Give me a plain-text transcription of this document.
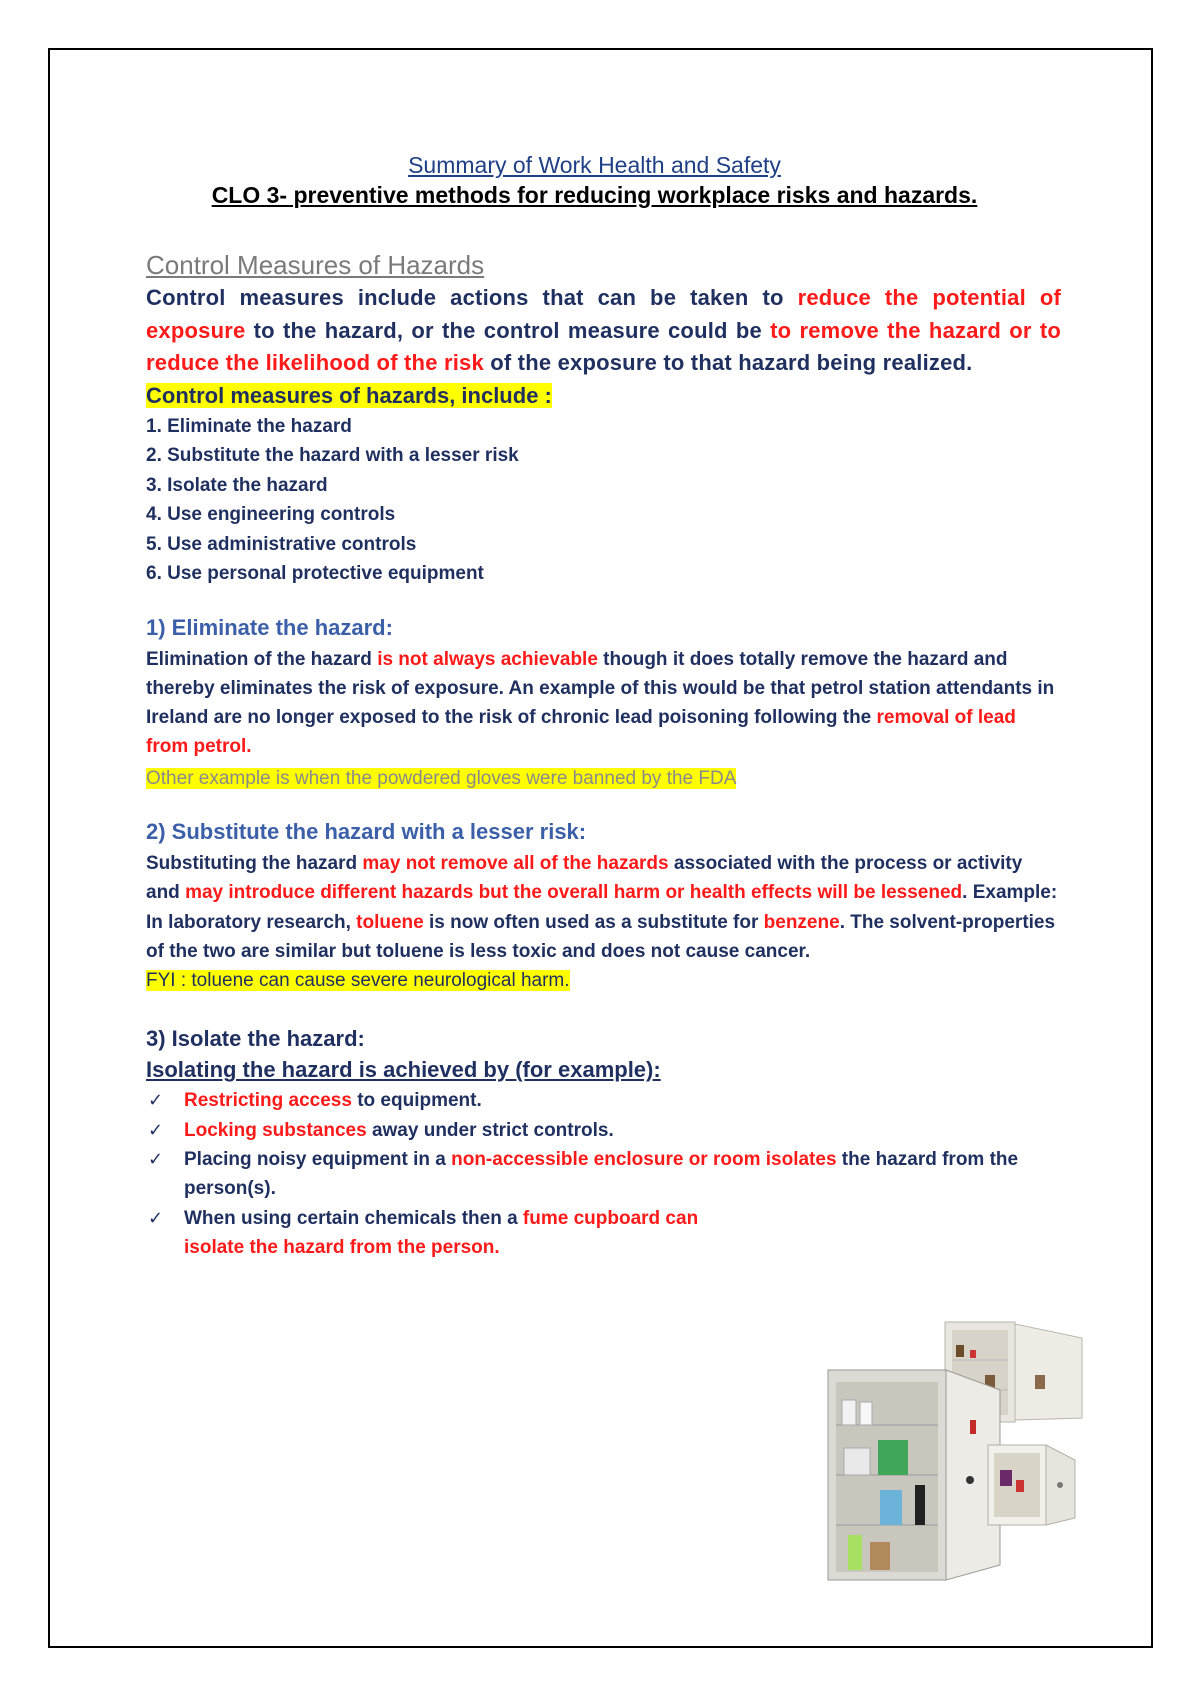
Summary of Work Health and Safety
CLO 3- preventive methods for reducing workplace risks and hazards.
Control Measures of Hazards
Control measures include actions that can be taken to reduce the potential of exposure to the hazard, or the control measure could be to remove the hazard or to reduce the likelihood of the risk of the exposure to that hazard being realized.
Control measures of hazards, include :
1. Eliminate the hazard
2. Substitute the hazard with a lesser risk
3. Isolate the hazard
4. Use engineering controls
5. Use administrative controls
6. Use personal protective equipment
1) Eliminate the hazard:
Elimination of the hazard is not always achievable though it does totally remove the hazard and thereby eliminates the risk of exposure. An example of this would be that petrol station attendants in Ireland are no longer exposed to the risk of chronic lead poisoning following the removal of lead from petrol.
Other example is when the powdered gloves were banned by the FDA
2) Substitute the hazard with a lesser risk:
Substituting the hazard may not remove all of the hazards associated with the process or activity and may introduce different hazards but the overall harm or health effects will be lessened. Example:
In laboratory research, toluene is now often used as a substitute for benzene. The solvent-properties of the two are similar but toluene is less toxic and does not cause cancer.
FYI : toluene can cause severe neurological harm.
3) Isolate the hazard:
Isolating the hazard is achieved by (for example):
✓ Restricting access to equipment.
✓ Locking substances away under strict controls.
✓ Placing noisy equipment in a non-accessible enclosure or room isolates the hazard from the person(s).
✓ When using certain chemicals then a fume cupboard can
isolate the hazard from the person.
